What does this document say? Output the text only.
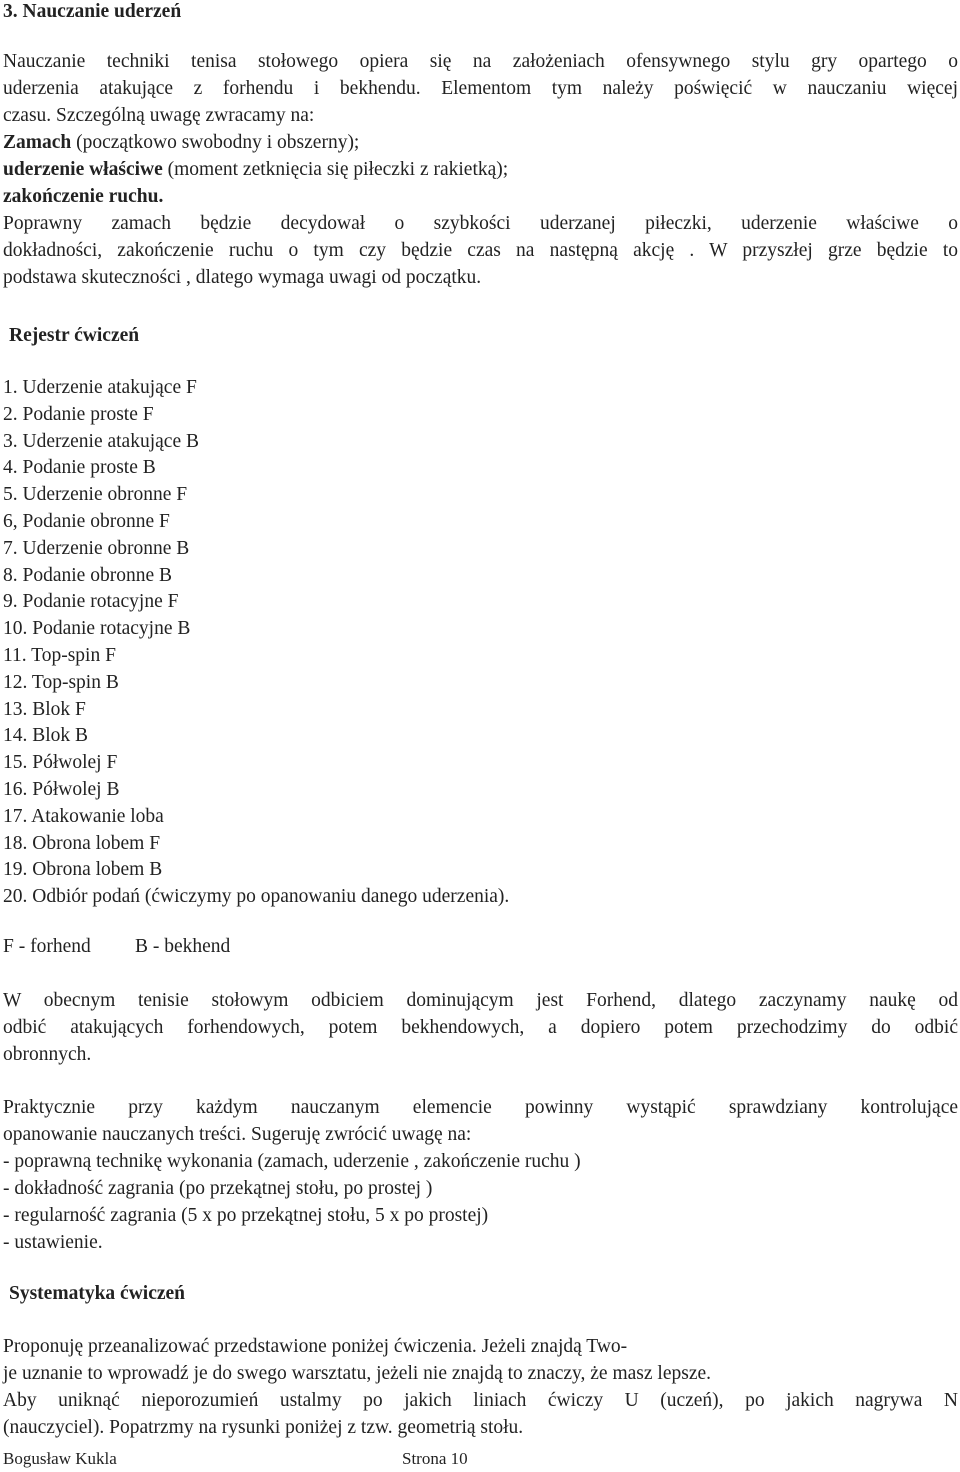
3. Nauczanie uderzeń
Nauczanie techniki tenisa stołowego opiera się na założeniach ofensywnego stylu gry opartego o
uderzenia atakujące z forhendu i bekhendu. Elementom tym należy poświęcić w nauczaniu więcej
czasu. Szczególną uwagę zwracamy na:
Zamach (początkowo swobodny i obszerny);
uderzenie właściwe (moment zetknięcia się piłeczki z rakietką);
zakończenie ruchu.
Poprawny zamach będzie decydował o szybkości uderzanej piłeczki, uderzenie właściwe o
dokładności, zakończenie ruchu o tym czy będzie czas na następną akcję . W przyszłej grze będzie to
podstawa skuteczności , dlatego wymaga uwagi od początku.
Rejestr ćwiczeń
1. Uderzenie atakujące F
2. Podanie proste F
3. Uderzenie atakujące B
4. Podanie proste B
5. Uderzenie obronne F
6, Podanie obronne F
7. Uderzenie obronne B
8. Podanie obronne B
9. Podanie rotacyjne F
10. Podanie rotacyjne B
11. Top-spin F
12. Top-spin B
13. Blok F
14. Blok B
15. Półwolej F
16. Półwolej B
17. Atakowanie loba
18. Obrona lobem F
19. Obrona lobem B
20. Odbiór podań (ćwiczymy po opanowaniu danego uderzenia).
F - forhend B - bekhend
W obecnym tenisie stołowym odbiciem dominującym jest Forhend, dlatego zaczynamy naukę od
odbić atakujących forhendowych, potem bekhendowych, a dopiero potem przechodzimy do odbić
obronnych.
Praktycznie przy każdym nauczanym elemencie powinny wystąpić sprawdziany kontrolujące
opanowanie nauczanych treści. Sugeruję zwrócić uwagę na:
- poprawną technikę wykonania (zamach, uderzenie , zakończenie ruchu )
- dokładność zagrania (po przekątnej stołu, po prostej )
- regularność zagrania (5 x po przekątnej stołu, 5 x po prostej)
- ustawienie.
Systematyka ćwiczeń
Proponuję przeanalizować przedstawione poniżej ćwiczenia. Jeżeli znajdą Two-
je uznanie to wprowadź je do swego warsztatu, jeżeli nie znajdą to znaczy, że masz lepsze.
Aby uniknąć nieporozumień ustalmy po jakich liniach ćwiczy U (uczeń), po jakich nagrywa N
(nauczyciel). Popatrzmy na rysunki poniżej z tzw. geometrią stołu.
Bogusław Kukla	Strona 10
